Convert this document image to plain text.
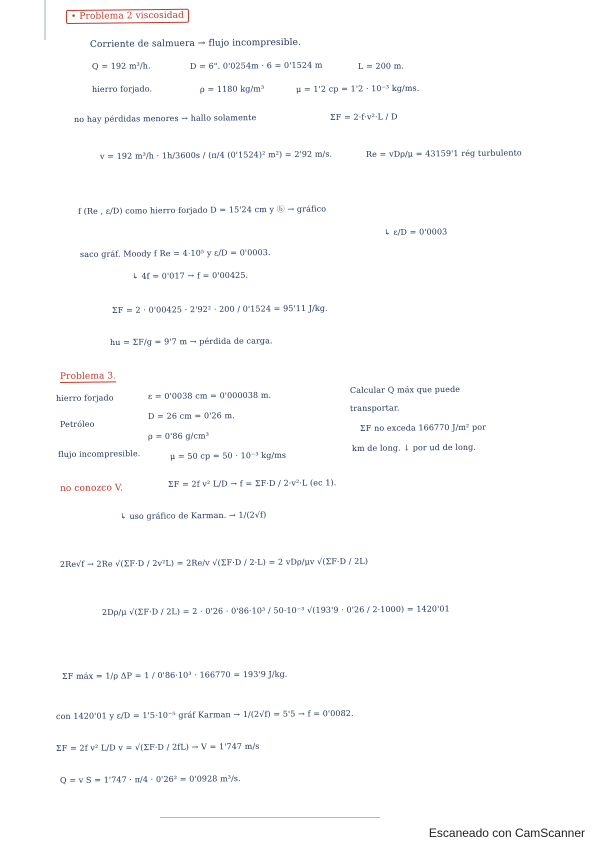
• Problema 2 viscosidad
Corriente de salmuera → flujo incompresible.
Q = 192 m³/h.	D = 6". 0'0254m · 6 = 0'1524 m	L = 200 m.
hierro forjado.	ρ = 1180 kg/m³	μ = 1'2 cp = 1'2 · 10⁻³ kg/ms.
no hay pérdidas menores → hallo solamente	ΣF = 2·f·v²·L / D
v = 192 m³/h · 1h/3600s / (π/4 (0'1524)² m²) = 2'92 m/s.	Re = vDρ/μ = 43159'1 rég turbulento
f (Re , ε/D) como hierro forjado D = 15'24 cm y ⓑ → gráfico
↳ ε/D = 0'0003
saco gráf. Moody f Re = 4·10⁵ y ε/D = 0'0003.
↳ 4f = 0'017 → f = 0'00425.
ΣF = 2 · 0'00425 · 2'92² · 200 / 0'1524 = 95'11 J/kg.
hu = ΣF/g = 9'7 m → pérdida de carga.
Problema 3.
hierro forjado	ε = 0'0038 cm = 0'000038 m.
Calcular Q máx que puede
Petróleo
D = 26 cm = 0'26 m.
transportar.
ρ = 0'86 g/cm³
ΣF no exceda 166770 J/m² por
flujo incompresible.	μ = 50 cp = 50 · 10⁻³ kg/ms
km de long. ↓ por ud de long.
no conozco V.	ΣF = 2f v² L/D → f = ΣF·D / 2·v²·L (ec 1).
↳ uso gráfico de Karman. → 1/(2√f)
2Re√f → 2Re √(ΣF·D / 2v²L) = 2Re/v √(ΣF·D / 2·L) = 2 vDρ/μv √(ΣF·D / 2L)
2Dρ/μ √(ΣF·D / 2L) = 2 · 0'26 · 0'86·10³ / 50·10⁻³ √(193'9 · 0'26 / 2·1000) = 1420'01
ΣF máx = 1/ρ ΔP = 1 / 0'86·10³ · 166770 = 193'9 J/kg.
con 1420'01 y ε/D = 1'5·10⁻⁵ gráf Karman → 1/(2√f) = 5'5 → f = 0'0082.
ΣF = 2f v² L/D v = √(ΣF·D / 2fL) → V = 1'747 m/s
Q = v S = 1'747 · π/4 · 0'26² = 0'0928 m³/s.
Escaneado con CamScanner
